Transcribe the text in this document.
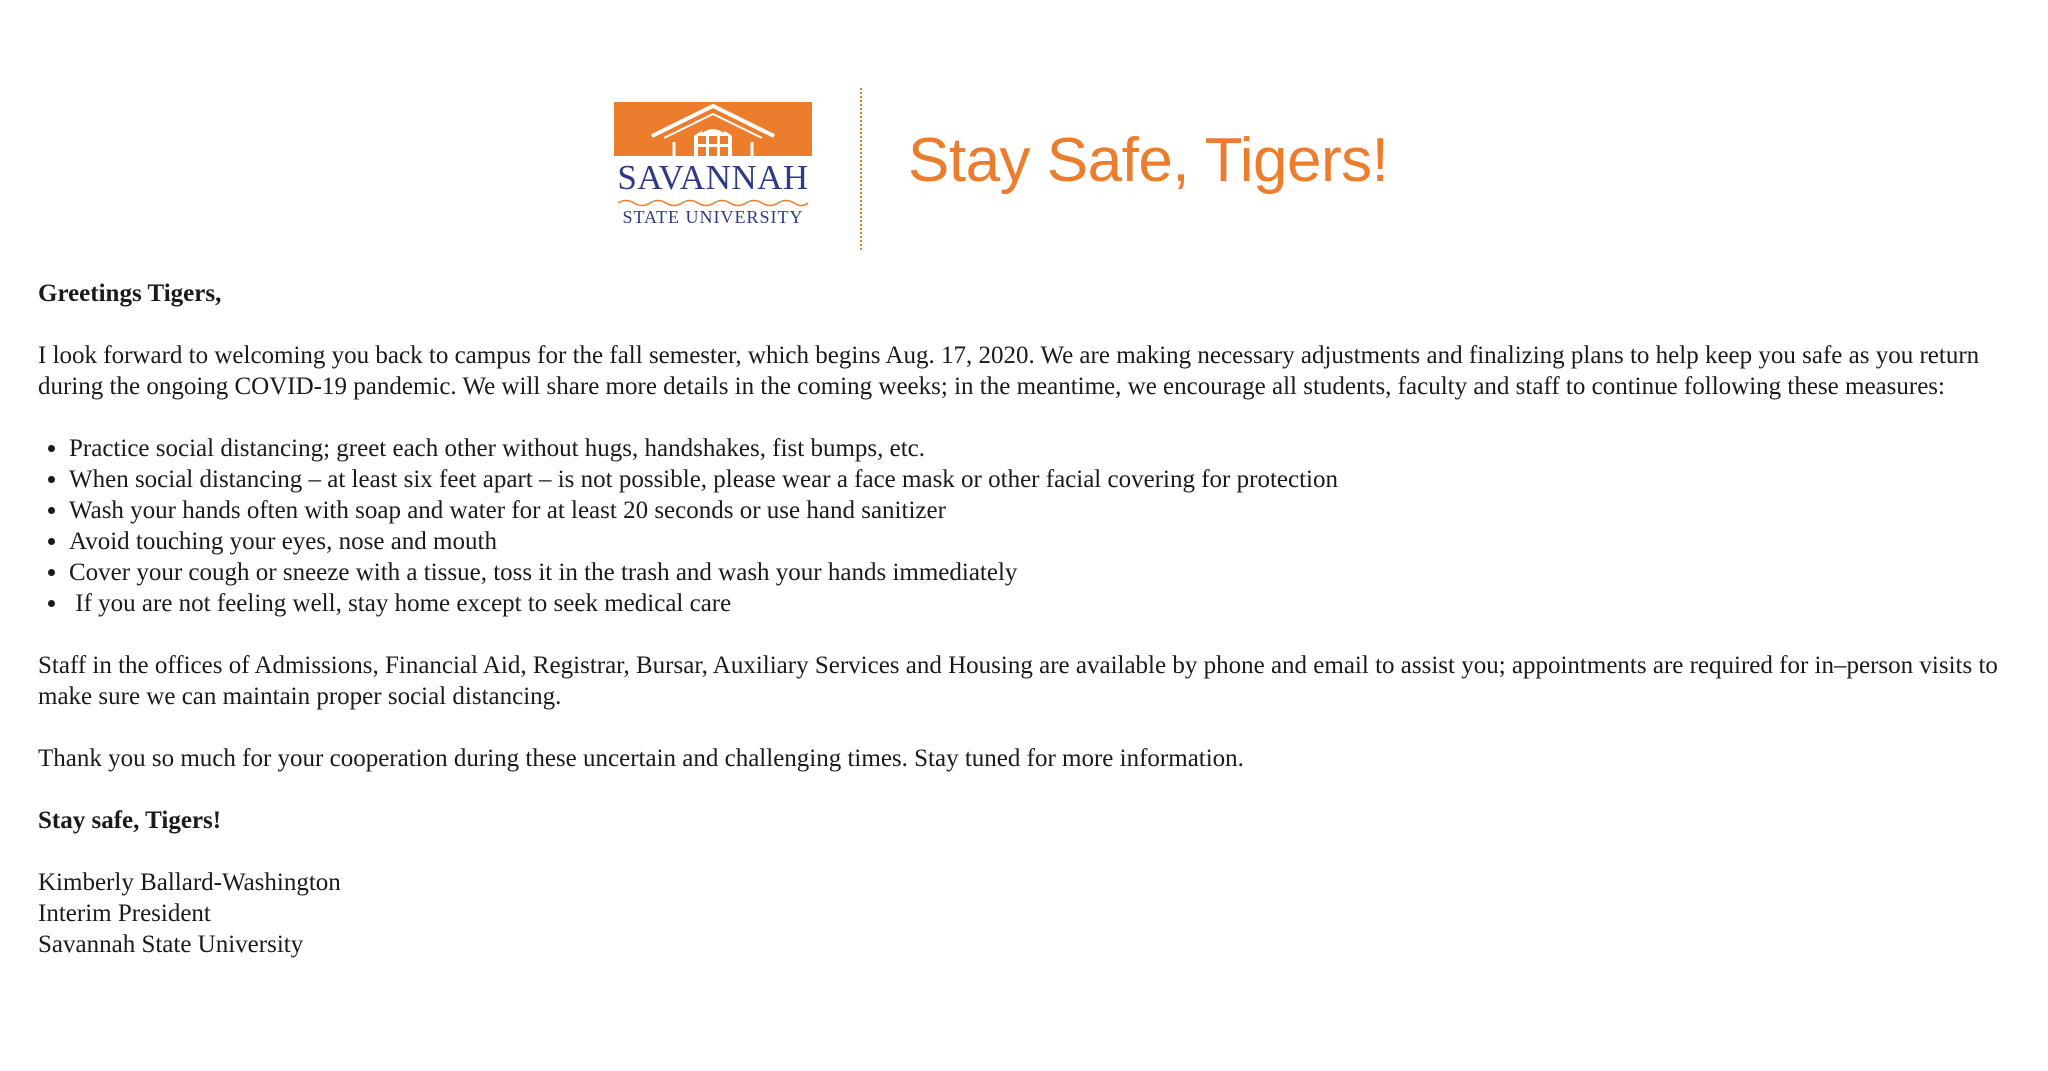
SAVANNAH
STATE UNIVERSITY
Stay Safe, Tigers!

Greetings Tigers,

I look forward to welcoming you back to campus for the fall semester, which begins Aug. 17, 2020. We are making necessary adjustments and finalizing plans to help keep you safe as you return during the ongoing COVID-19 pandemic. We will share more details in the coming weeks; in the meantime, we encourage all students, faculty and staff to continue following these measures:

• Practice social distancing; greet each other without hugs, handshakes, fist bumps, etc.
• When social distancing – at least six feet apart – is not possible, please wear a face mask or other facial covering for protection
• Wash your hands often with soap and water for at least 20 seconds or use hand sanitizer
• Avoid touching your eyes, nose and mouth
• Cover your cough or sneeze with a tissue, toss it in the trash and wash your hands immediately
•  If you are not feeling well, stay home except to seek medical care

Staff in the offices of Admissions, Financial Aid, Registrar, Bursar, Auxiliary Services and Housing are available by phone and email to assist you; appointments are required for in–person visits to make sure we can maintain proper social distancing.

Thank you so much for your cooperation during these uncertain and challenging times. Stay tuned for more information.

Stay safe, Tigers!

Kimberly Ballard-Washington
Interim President
Savannah State University
